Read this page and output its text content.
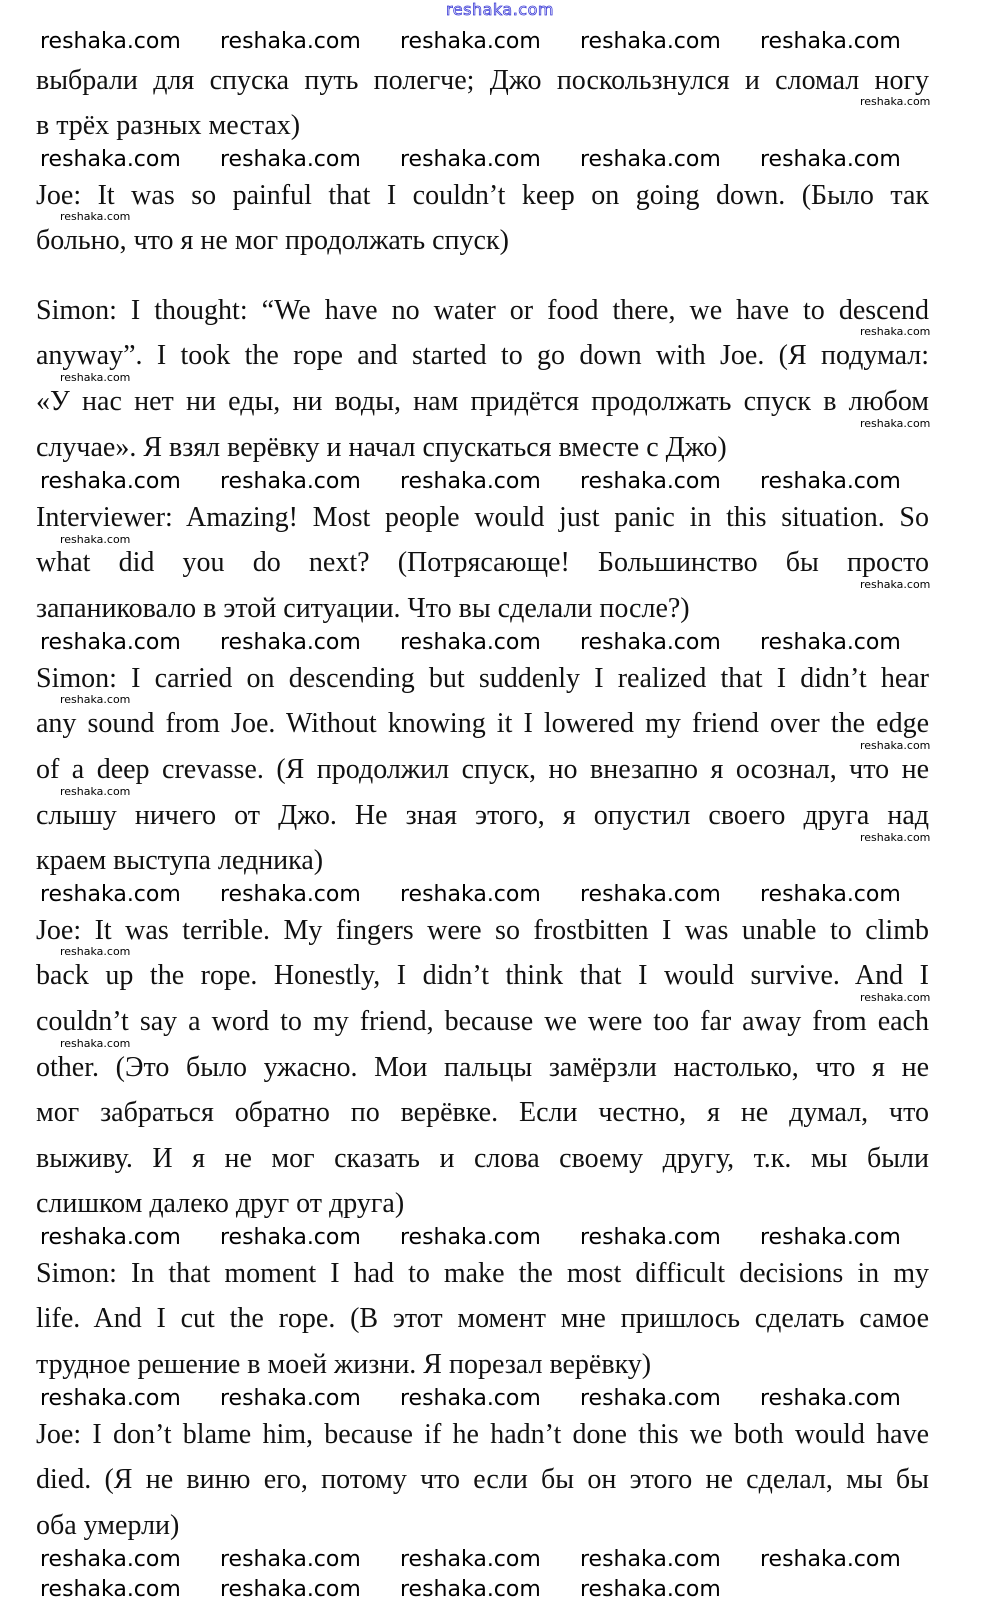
reshaka.com
выбрали для спуска путь полегче; Джо поскользнулся и сломал ногу
в трёх разных местах)
Joe: It was so painful that I couldn’t keep on going down. (Было так
больно, что я не мог продолжать спуск)
Simon: I thought: “We have no water or food there, we have to descend
anyway”. I took the rope and started to go down with Joe. (Я подумал:
«У нас нет ни еды, ни воды, нам придётся продолжать спуск в любом
случае». Я взял верёвку и начал спускаться вместе с Джо)
Interviewer: Amazing! Most people would just panic in this situation. So
what did you do next? (Потрясающе! Большинство бы просто
запаниковало в этой ситуации. Что вы сделали после?)
Simon: I carried on descending but suddenly I realized that I didn’t hear
any sound from Joe. Without knowing it I lowered my friend over the edge
of a deep crevasse. (Я продолжил спуск, но внезапно я осознал, что не
слышу ничего от Джо. Не зная этого, я опустил своего друга над
краем выступа ледника)
Joe: It was terrible. My fingers were so frostbitten I was unable to climb
back up the rope. Honestly, I didn’t think that I would survive. And I
couldn’t say a word to my friend, because we were too far away from each
other. (Это было ужасно. Мои пальцы замёрзли настолько, что я не
мог забраться обратно по верёвке. Если честно, я не думал, что
выживу. И я не мог сказать и слова своему другу, т.к. мы были
слишком далеко друг от друга)
Simon: In that moment I had to make the most difficult decisions in my
life. And I cut the rope. (В этот момент мне пришлось сделать самое
трудное решение в моей жизни. Я порезал верёвку)
Joe: I don’t blame him, because if he hadn’t done this we both would have
died. (Я не виню его, потому что если бы он этого не сделал, мы бы
оба умерли)
reshaka.com reshaka.com reshaka.com reshaka.com reshaka.com
reshaka.com reshaka.com reshaka.com reshaka.com reshaka.com
reshaka.com reshaka.com reshaka.com reshaka.com reshaka.com
reshaka.com reshaka.com reshaka.com reshaka.com reshaka.com
reshaka.com reshaka.com reshaka.com reshaka.com reshaka.com
reshaka.com reshaka.com reshaka.com reshaka.com reshaka.com
reshaka.com reshaka.com reshaka.com reshaka.com reshaka.com
reshaka.com reshaka.com reshaka.com reshaka.com reshaka.com
reshaka.com reshaka.com reshaka.com reshaka.com
reshaka.com
reshaka.com
reshaka.com
reshaka.com
reshaka.com
reshaka.com
reshaka.com
reshaka.com
reshaka.com
reshaka.com
reshaka.com
reshaka.com
reshaka.com
reshaka.com
